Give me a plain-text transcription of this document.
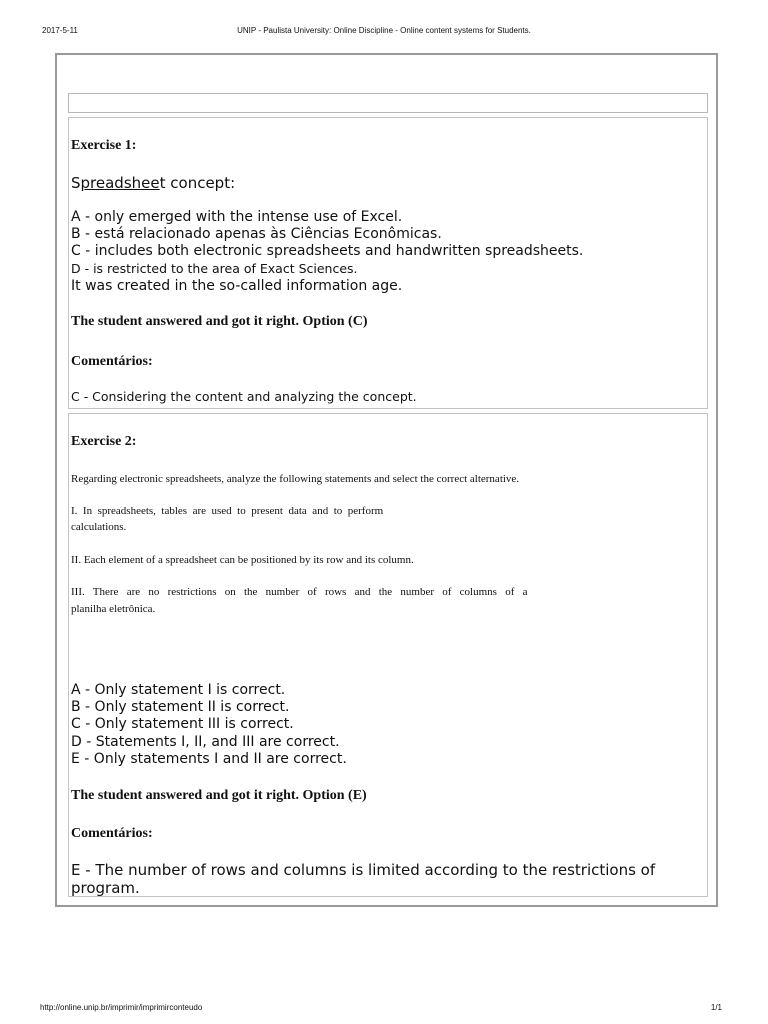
2017-5-11	UNIP - Paulista University: Online Discipline - Online content systems for Students.
Exercise 1:
Spreadsheet concept:
A - only emerged with the intense use of Excel.
B - está relacionado apenas às Ciências Econômicas.
C - includes both electronic spreadsheets and handwritten spreadsheets.
D - is restricted to the area of Exact Sciences.
It was created in the so-called information age.
The student answered and got it right. Option (C)
Comentários:
C - Considering the content and analyzing the concept.
Exercise 2:
Regarding electronic spreadsheets, analyze the following statements and select the correct alternative.
I.  In  spreadsheets,  tables  are  used  to  present  data  and  to  perform
calculations.
II. Each element of a spreadsheet can be positioned by its row and its column.
III.   There   are   no   restrictions   on   the   number   of   rows   and   the   number   of   columns   of   a
planilha eletrônica.
A - Only statement I is correct.
B - Only statement II is correct.
C - Only statement III is correct.
D - Statements I, II, and III are correct.
E - Only statements I and II are correct.
The student answered and got it right. Option (E)
Comentários:
E - The number of rows and columns is limited according to the restrictions of
program.
http://online.unip.br/imprimir/imprimirconteudo	1/1
